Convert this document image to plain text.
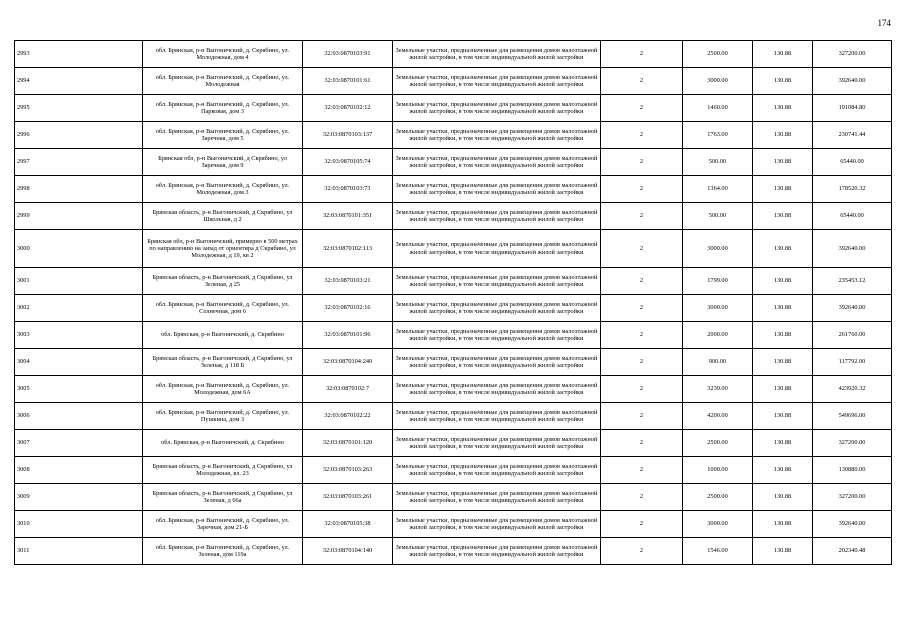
174
2993	обл. Брянская, р-н Выгоничский, д. Скрябино, ул. Молодежная, дом 4	32:03:0870103:91	Земельные участки, предназначенные для размещения домов малоэтажной жилой застройки, в том числе индивидуальной жилой застройки	2	2500.00	130.88	327200.00
2994	обл. Брянская, р-н Выгоничский, д. Скрябино, ул. Молодежная	32:03:0870101:61	Земельные участки, предназначенные для размещения домов малоэтажной жилой застройки, в том числе индивидуальной жилой застройки	2	3000.00	130.88	392640.00
2995	обл. Брянская, р-н Выгоничский, д. Скрябино, ул. Парковая, дом 3	32:03:0870102:12	Земельные участки, предназначенные для размещения домов малоэтажной жилой застройки, в том числе индивидуальной жилой застройки	2	1460.00	130.88	191084.80
2996	обл. Брянская, р-н Выгоничский, д. Скрябино, ул. Заречная, дом 5	32:03:0870103:137	Земельные участки, предназначенные для размещения домов малоэтажной жилой застройки, в том числе индивидуальной жилой застройки	2	1763.00	130.88	230741.44
2997	Брянская обл, р-н Выгоничский, д Скрябино, ул Заречная, дом 9	32:03:0870105:74	Земельные участки, предназначенные для размещения домов малоэтажной жилой застройки, в том числе индивидуальной жилой застройки	2	500.00	130.88	65440.00
2998	обл. Брянская, р-н Выгоничский, д. Скрябино, ул. Молодежная, дом 3	32:03:0870103:73	Земельные участки, предназначенные для размещения домов малоэтажной жилой застройки, в том числе индивидуальной жилой застройки	2	1364.00	130.88	178520.32
2999	Брянская область, р-н Выгоничский, д Скрябино, ул Школьная, д 2	32:03:0870101:351	Земельные участки, предназначенные для размещения домов малоэтажной жилой застройки, в том числе индивидуальной жилой застройки	2	500.00	130.88	65440.00
3000	Брянская обл, р-н Выгоничский, примерно в 500 метрах по направлению на запад от ориентира д Скрябино, ул Молодежная, д 19, кв 2	32:03:0870102:113	Земельные участки, предназначенные для размещения домов малоэтажной жилой застройки, в том числе индивидуальной жилой застройки	2	3000.00	130.88	392640.00
3001	Брянская область, р-н Выгоничский, д Скрябино, ул Зеленая, д 25	32:03:0870103:21	Земельные участки, предназначенные для размещения домов малоэтажной жилой застройки, в том числе индивидуальной жилой застройки	2	1799.00	130.88	235453.12
3002	обл. Брянская, р-н Выгоничский, д. Скрябино, ул. Солнечная, дом 6	32:03:0870102:16	Земельные участки, предназначенные для размещения домов малоэтажной жилой застройки, в том числе индивидуальной жилой застройки	2	3000.00	130.88	392640.00
3003	обл. Брянская, р-н Выгоничский, д. Скрябино	32:03:0870101:96	Земельные участки, предназначенные для размещения домов малоэтажной жилой застройки, в том числе индивидуальной жилой застройки	2	2000.00	130.88	261760.00
3004	Брянская область, р-н Выгоничский, д Скрябино, ул Зеленая, д 118 Б	32:03:0870104:240	Земельные участки, предназначенные для размещения домов малоэтажной жилой застройки, в том числе индивидуальной жилой застройки	2	900.00	130.88	117792.00
3005	обл. Брянская, р-н Выгоничский, д. Скрябино, ул. Молодежная, дом 6А	32:03:0870102:7	Земельные участки, предназначенные для размещения домов малоэтажной жилой застройки, в том числе индивидуальной жилой застройки	2	3239.00	130.88	423920.32
3006	обл. Брянская, р-н Выгоничский, д. Скрябино, ул. Пушкина, дом 3	32:03:0870102:22	Земельные участки, предназначенные для размещения домов малоэтажной жилой застройки, в том числе индивидуальной жилой застройки	2	4200.00	130.88	549696.00
3007	обл. Брянская, р-н Выгоничский, д. Скрябино	32:03:0870101:120	Земельные участки, предназначенные для размещения домов малоэтажной жилой застройки, в том числе индивидуальной жилой застройки	2	2500.00	130.88	327200.00
3008	Брянская область, р-н Выгоничский, д Скрябино, ул Молодежная, вл. 23	32:03:0870103:263	Земельные участки, предназначенные для размещения домов малоэтажной жилой застройки, в том числе индивидуальной жилой застройки	2	1000.00	130.88	130880.00
3009	Брянская область, р-н Выгоничский, д Скрябино, ул Зеленая, д 66а	32:03:0870103:261	Земельные участки, предназначенные для размещения домов малоэтажной жилой застройки, в том числе индивидуальной жилой застройки	2	2500.00	130.88	327200.00
3010	обл. Брянская, р-н Выгоничский, д. Скрябино, ул. Заречная, дом 21-Б	32:03:0870105:38	Земельные участки, предназначенные для размещения домов малоэтажной жилой застройки, в том числе индивидуальной жилой застройки	2	3000.00	130.88	392640.00
3011	обл. Брянская, р-н Выгоничский, д. Скрябино, ул. Зеленая, дом 119а	32:03:0870104:140	Земельные участки, предназначенные для размещения домов малоэтажной жилой застройки, в том числе индивидуальной жилой застройки	2	1546.00	130.88	202340.48
